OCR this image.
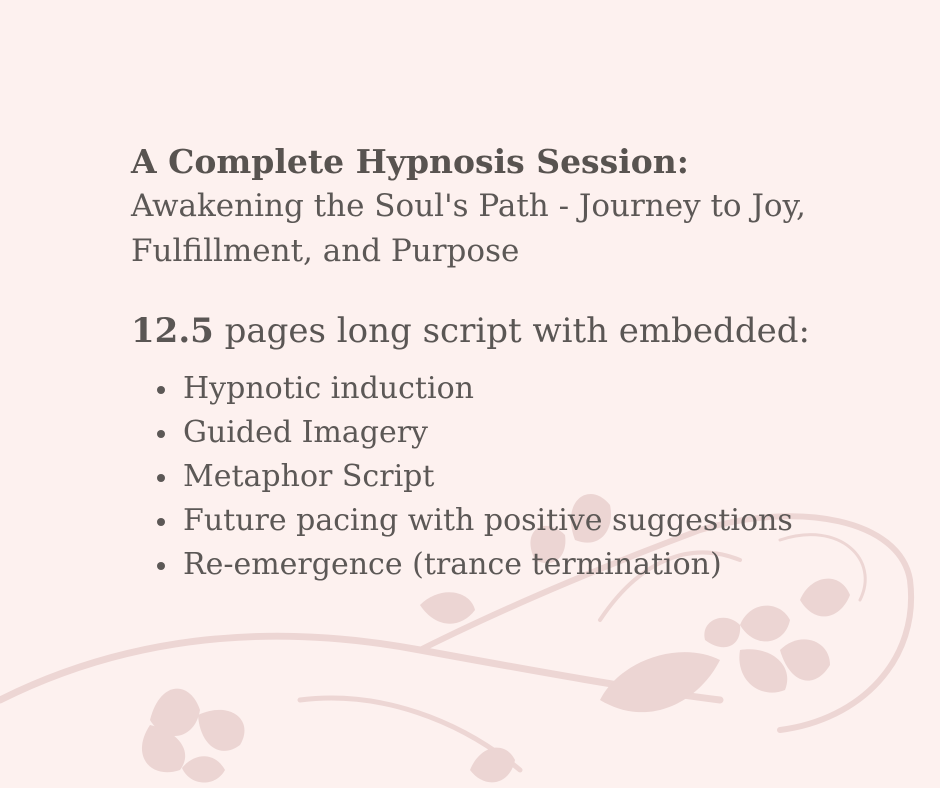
A Complete Hypnosis Session:

Awakening the Soul's Path - Journey to Joy, Fulfillment, and Purpose

12.5 pages long script with embedded:

Hypnotic induction
Guided Imagery
Metaphor Script
Future pacing with positive suggestions
Re-emergence (trance termination)
